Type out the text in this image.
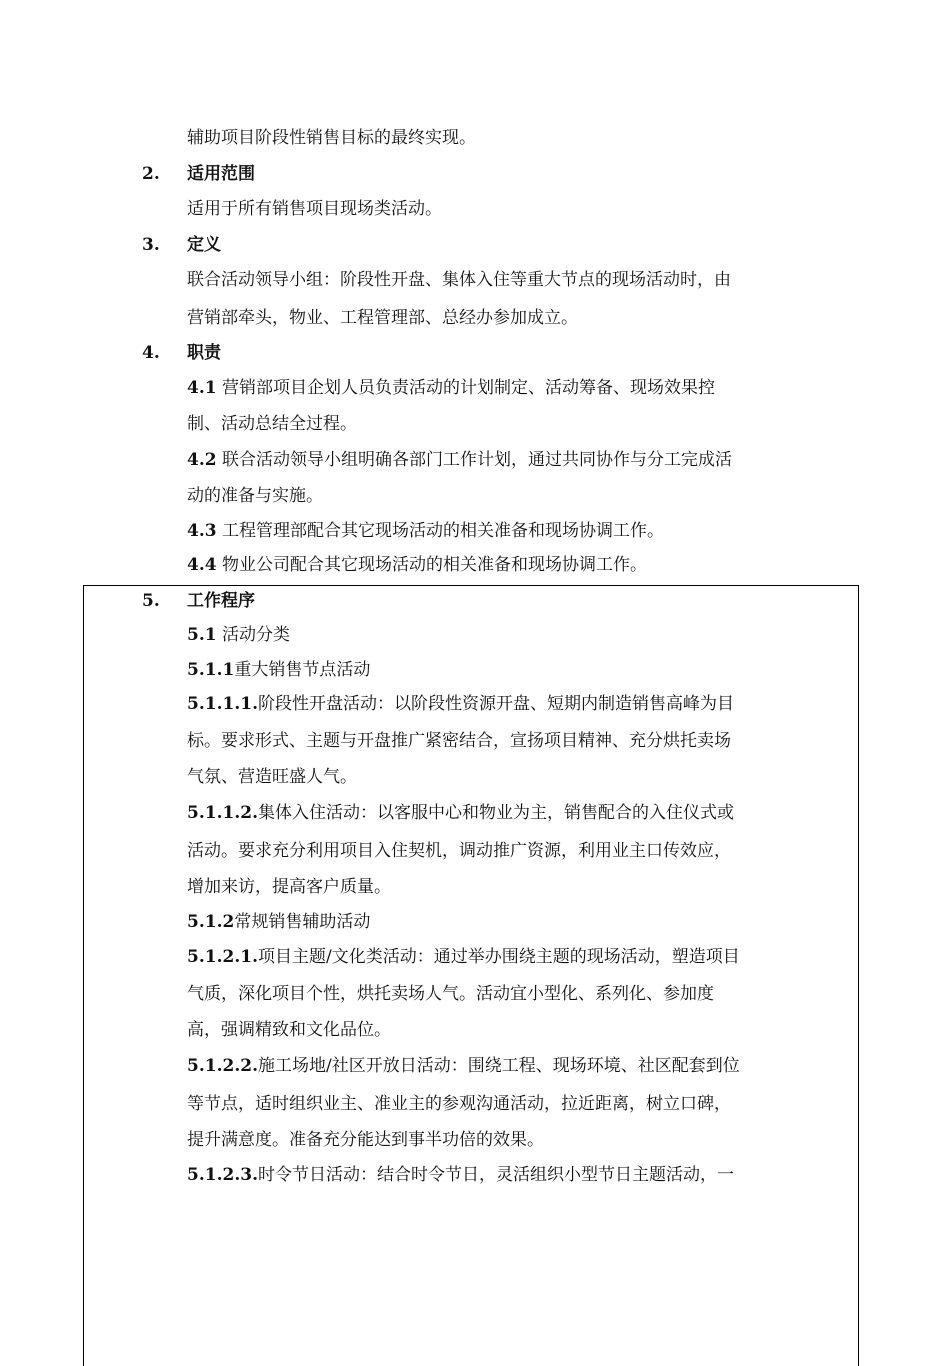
辅助项目阶段性销售目标的最终实现。
2. 适用范围
适用于所有销售项目现场类活动。
3. 定义
联合活动领导小组：阶段性开盘、集体入住等重大节点的现场活动时，由
营销部牵头，物业、工程管理部、总经办参加成立。
4. 职责
4.1 营销部项目企划人员负责活动的计划制定、活动筹备、现场效果控
制、活动总结全过程。
4.2 联合活动领导小组明确各部门工作计划，通过共同协作与分工完成活
动的准备与实施。
4.3 工程管理部配合其它现场活动的相关准备和现场协调工作。
4.4 物业公司配合其它现场活动的相关准备和现场协调工作。
5. 工作程序
5.1 活动分类
5.1.1重大销售节点活动
5.1.1.1.阶段性开盘活动：以阶段性资源开盘、短期内制造销售高峰为目
标。要求形式、主题与开盘推广紧密结合，宣扬项目精神、充分烘托卖场
气氛、营造旺盛人气。
5.1.1.2.集体入住活动：以客服中心和物业为主，销售配合的入住仪式或
活动。要求充分利用项目入住契机，调动推广资源，利用业主口传效应，
增加来访，提高客户质量。
5.1.2常规销售辅助活动
5.1.2.1.项目主题/文化类活动：通过举办围绕主题的现场活动，塑造项目
气质，深化项目个性，烘托卖场人气。活动宜小型化、系列化、参加度
高，强调精致和文化品位。
5.1.2.2.施工场地/社区开放日活动：围绕工程、现场环境、社区配套到位
等节点，适时组织业主、准业主的参观沟通活动，拉近距离，树立口碑，
提升满意度。准备充分能达到事半功倍的效果。
5.1.2.3.时令节日活动：结合时令节日，灵活组织小型节日主题活动，一
